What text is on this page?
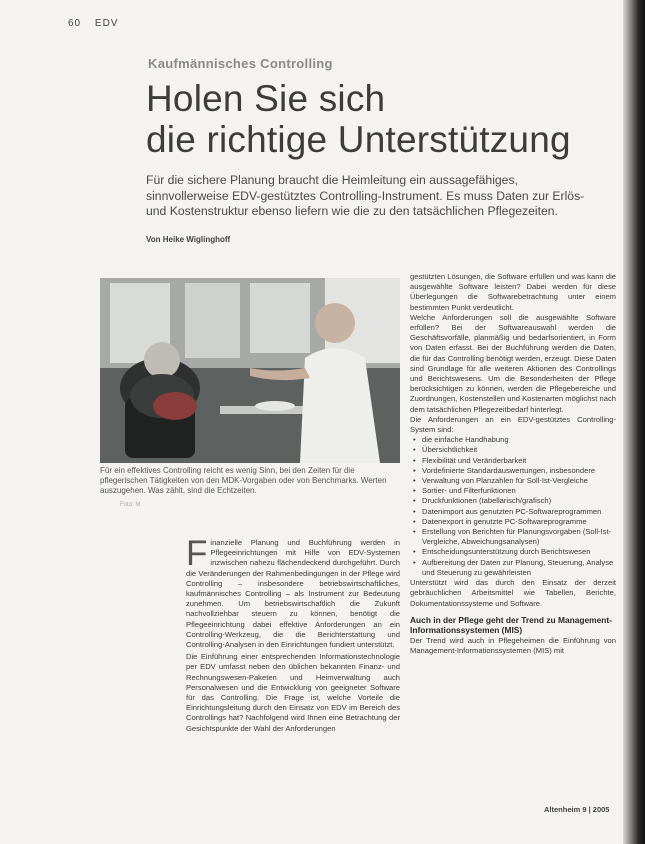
60 EDV
Kaufmännisches Controlling
Holen Sie sich
die richtige Unterstützung

Für die sichere Planung braucht die Heimleitung ein aussagefähiges, sinnvollerweise EDV-gestütztes Controlling-Instrument. Es muss Daten zur Erlös- und Kostenstruktur ebenso liefern wie die zu den tatsächlichen Pflegezeiten.

Von Heike Wiglinghoff

Für ein effektives Controlling reicht es wenig Sinn, bei den Zeiten für die pflegerischen Tätigkeiten von den MDK-Vorgaben oder von Benchmarks. Werten auszugehen. Was zählt, sind die Echtzeiten.

Foto: M

Finanzielle Planung und Buchführung werden in Pflegeeinrichtungen mit Hilfe von EDV-Systemen inzwischen nahezu flächendeckend durchgeführt. Durch die Veränderungen der Rahmenbedingungen in der Pflege wird Controlling – insbesondere betriebswirtschaftliches, kaufmännisches Controlling – als Instrument zur Bedeutung zunehmen. Um betriebswirtschaftlich die Zukunft nachvollziehbar steuern zu können, benötigt die Pflegeeinrichtung dabei effektive Anforderungen an ein Controlling-Werkzeug, die die Berichterstattung und Controlling-Analysen in den Einrichtungen fundiert unterstützt.

Die Einführung einer entsprechenden Informationstechnologie per EDV umfasst neben den üblichen bekannten Finanz- und Rechnungswesen-Paketen und Heimverwaltung auch Personalwesen und die Entwicklung von geeigneter Software für das Controlling. Die Frage ist, welche Vorteile die Einrichtungsleitung durch den Einsatz von EDV im Bereich des Controllings hat? Nachfolgend wird Ihnen eine Betrachtung der Gesichtspunkte der Wahl der Anforderungen

gestützten Lösungen, die Software erfüllen und was kann die ausgewählte Software leisten? Dabei werden für diese Überlegungen die Softwarebetrachtung unter einem bestimmten Punkt verdeutlicht.

Welche Anforderungen soll die ausgewählte Software erfüllen? Bei der Softwareauswahl werden die Geschäftsvorfälle, planmäßig und bedarfsorientiert, in Form von Daten erfasst. Bei der Buchführung werden die Daten, die für das Controlling benötigt werden, erzeugt. Diese Daten sind Grundlage für alle weiteren Aktionen des Controllings und Berichtswesens. Um die Besonderheiten der Pflege berücksichtigen zu können, werden die Pflegebereiche und Zuordnungen, Kostenstellen und Kostenarten möglichst nach dem tatsächlichen Pflegezeitbedarf hinterlegt.

Die Anforderungen an ein EDV-gestütztes Controlling-System sind:

• die einfache Handhabung
• Übersichtlichkeit
• Flexibilität und Veränderbarkeit
• Vordefinierte Standardauswertungen, insbesondere
• Verwaltung von Planzahlen für Soll-Ist-Vergleiche
• Sortier- und Filterfunktionen
• Druckfunktionen (tabellarisch/grafisch)
• Datenimport aus genutzten PC-Softwareprogrammen
• Datenexport in genutzte PC-Softwareprogramme
• Erstellung von Berichten für Planungsvorgaben (Soll-Ist-Vergleiche, Abweichungsanalysen)
• Entscheidungsunterstützung durch Berichtswesen
• Aufbereitung der Daten zur Planung, Steuerung, Analyse und Steuerung zu gewährleisten

Unterstützt wird das durch den Einsatz der derzeit gebräuchlichen Arbeitsmittel wie Tabellen, Berichte, Dokumentationssysteme und Software.

Auch in der Pflege geht der Trend zu Management-Informationssystemen (MIS)

Der Trend wird auch in Pflegeheimen die Einführung von Management-Informationssystemen (MIS) mit

Altenheim 9 | 2005
